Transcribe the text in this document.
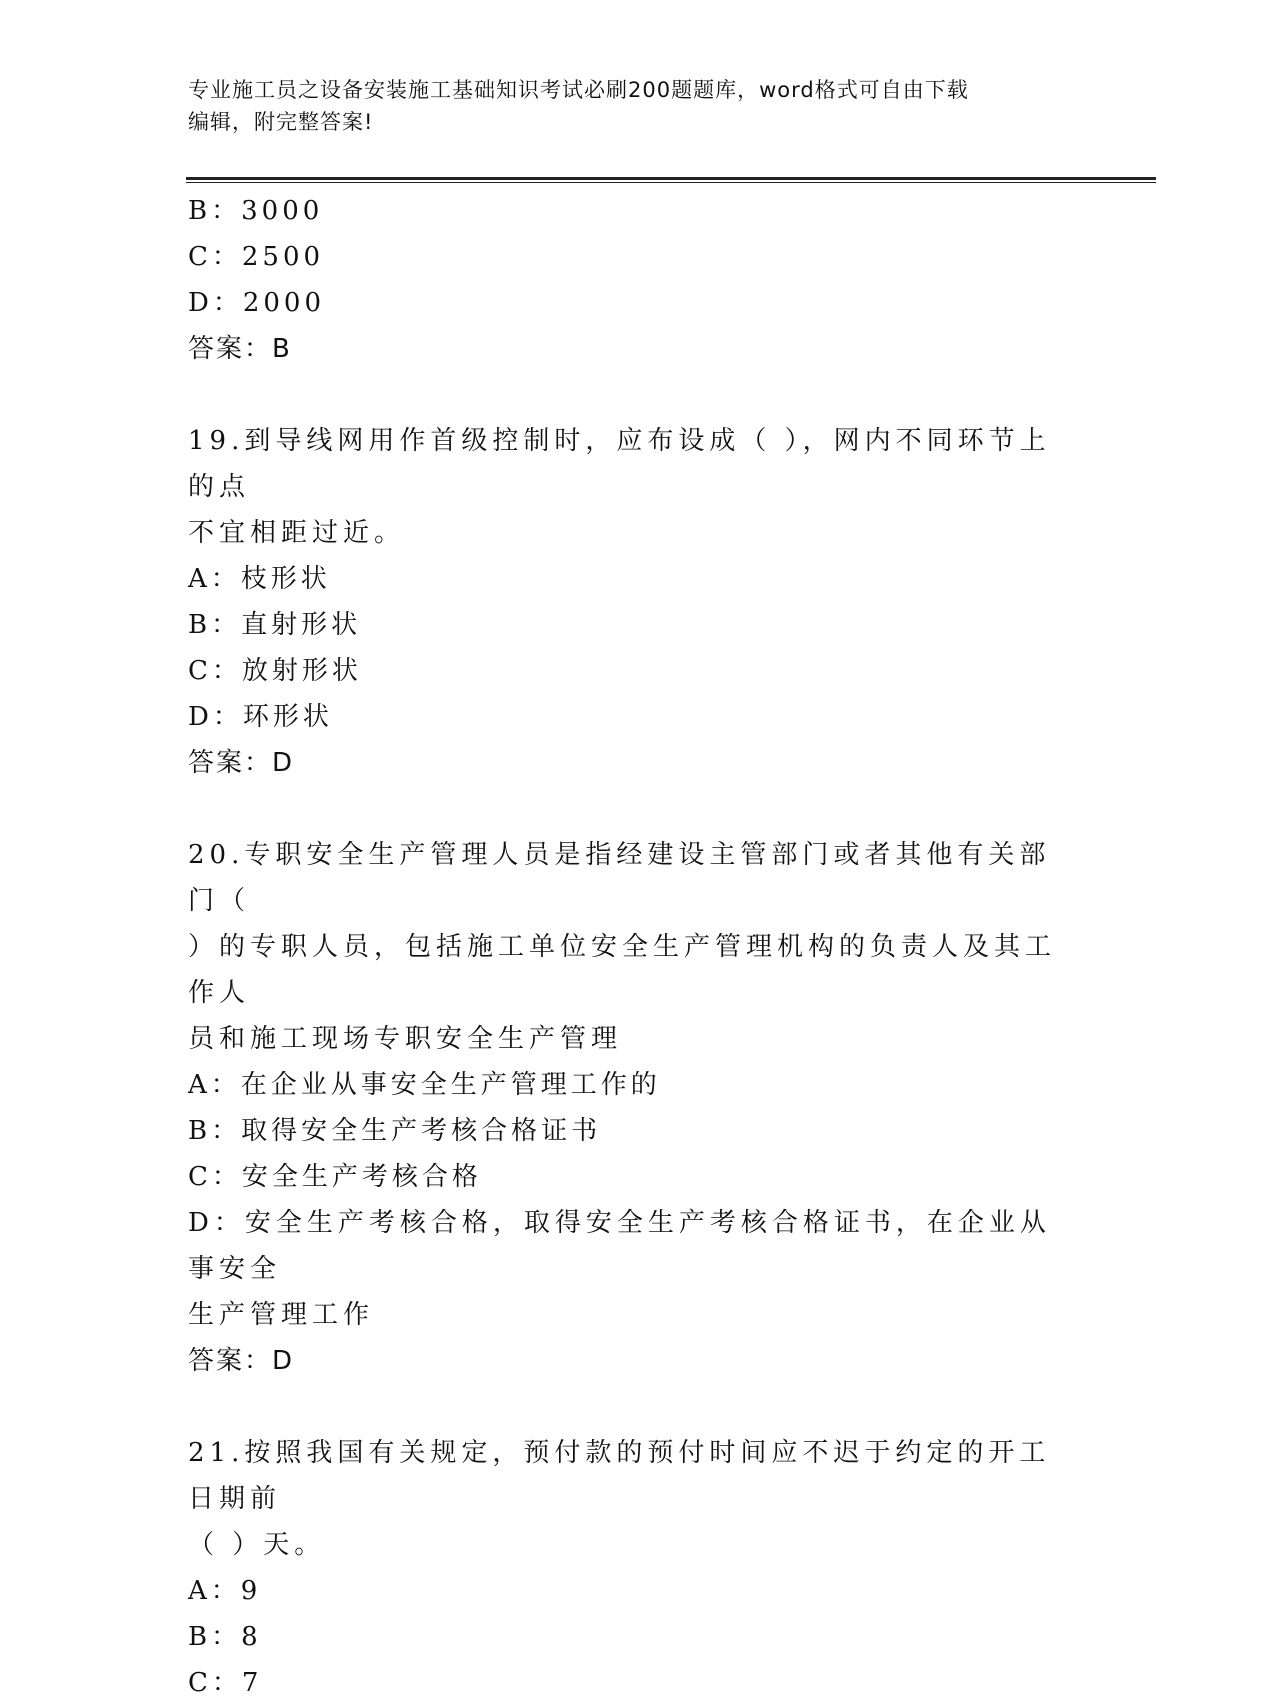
专业施工员之设备安装施工基础知识考试必刷200题题库，word格式可自由下载
编辑，附完整答案!
B：3000
C：2500
D：2000
答案：B
19.到导线网用作首级控制时，应布设成（ ），网内不同环节上的点
不宜相距过近。
A：枝形状
B：直射形状
C：放射形状
D：环形状
答案：D
20.专职安全生产管理人员是指经建设主管部门或者其他有关部门（
）的专职人员，包括施工单位安全生产管理机构的负责人及其工作人
员和施工现场专职安全生产管理
A：在企业从事安全生产管理工作的
B：取得安全生产考核合格证书
C：安全生产考核合格
D：安全生产考核合格，取得安全生产考核合格证书，在企业从事安全
生产管理工作
答案：D
21.按照我国有关规定，预付款的预付时间应不迟于约定的开工日期前
（ ）天。
A：9
B：8
C：7
